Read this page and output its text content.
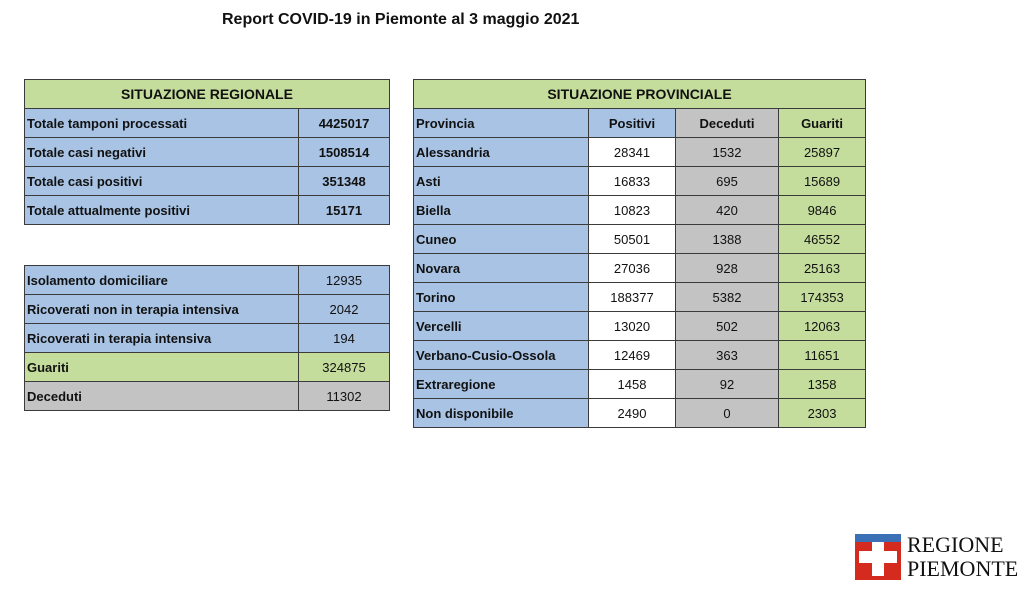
Report COVID-19 in Piemonte al 3 maggio 2021
SITUAZIONE REGIONALE	
Totale tamponi processati	4425017
Totale casi negativi	1508514
Totale casi positivi	351348
Totale attualmente positivi	15171
Isolamento domiciliare	12935
Ricoverati non in terapia intensiva	2042
Ricoverati in terapia intensiva	194
Guariti	324875
Deceduti	11302
SITUAZIONE PROVINCIALE			
Provincia	Positivi	Deceduti	Guariti
Alessandria	28341	1532	25897
Asti	16833	695	15689
Biella	10823	420	9846
Cuneo	50501	1388	46552
Novara	27036	928	25163
Torino	188377	5382	174353
Vercelli	13020	502	12063
Verbano-Cusio-Ossola	12469	363	11651
Extraregione	1458	92	1358
Non disponibile	2490	0	2303
REGIONE
PIEMONTE
